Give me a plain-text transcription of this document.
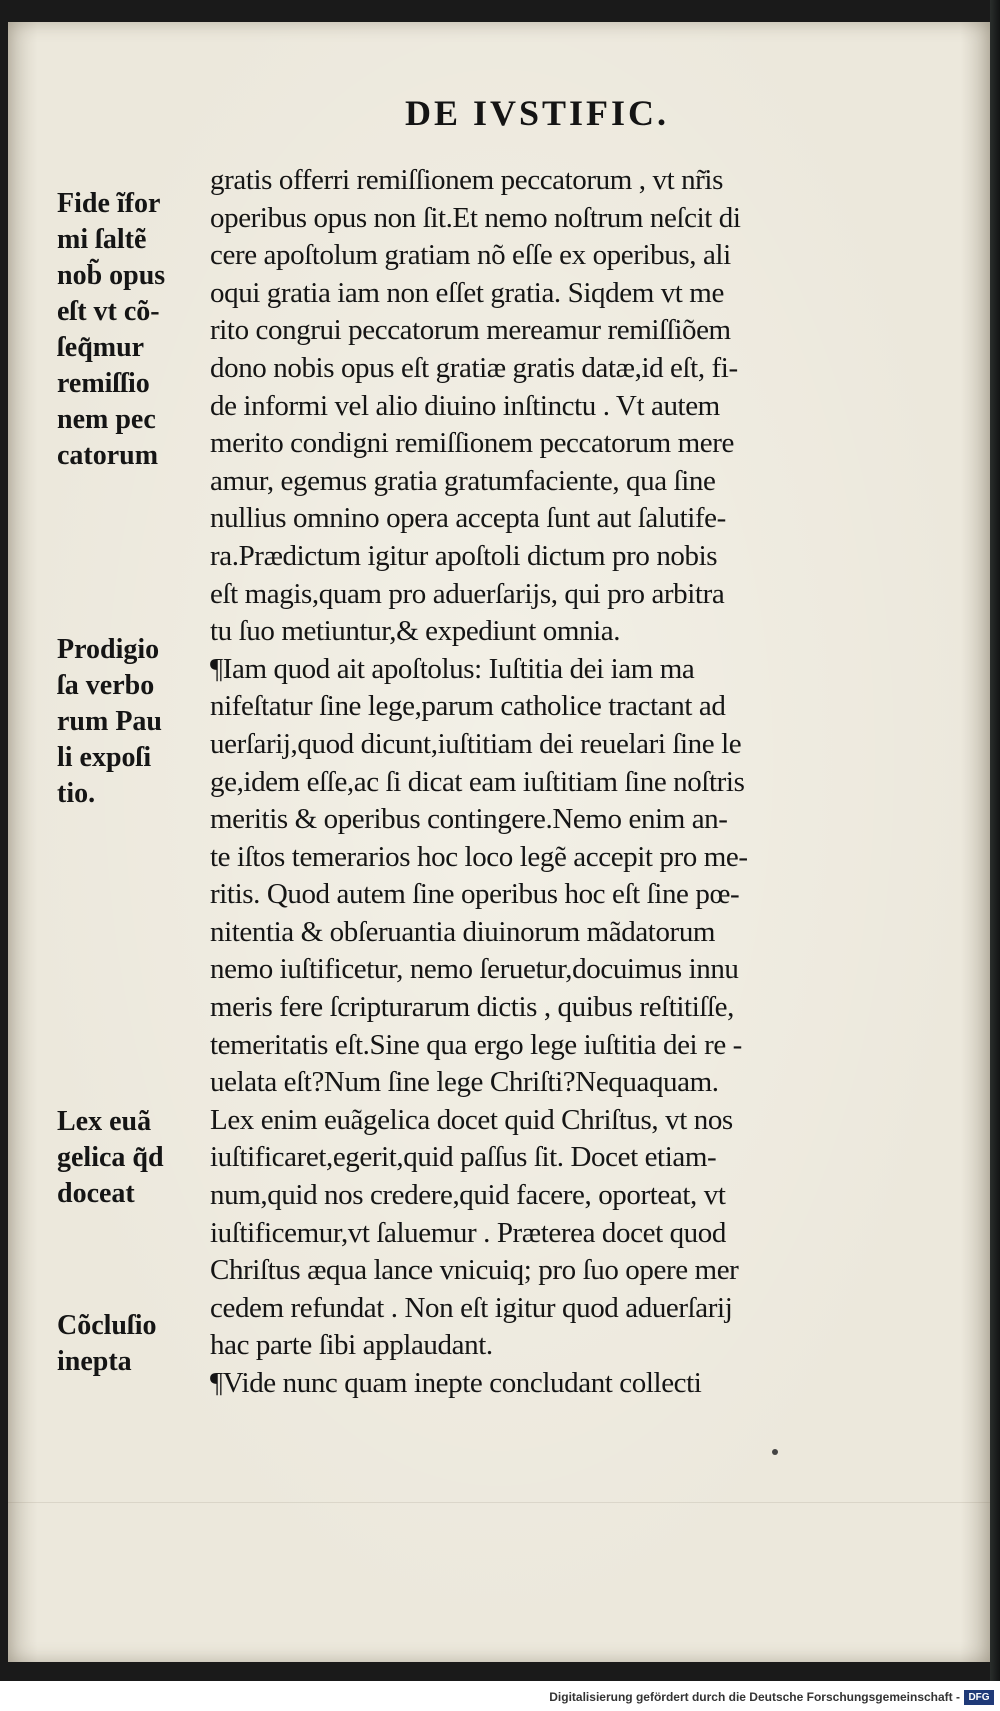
DE IVSTIFIC.
gratis offerri remiſſionem peccatorum , vt nr̃is
operibus opus non ſit.Et nemo noſtrum neſcit di
cere apoſtolum gratiam nõ eſſe ex operibus, ali
oqui gratia iam non eſſet gratia. Siqdem vt me
rito congrui peccatorum mereamur remiſſiõem
dono nobis opus eſt gratiæ gratis datæ,id eſt, fi-
de informi vel alio diuino inſtinctu . Vt autem
merito condigni remiſſionem peccatorum mere
amur, egemus gratia gratumfaciente, qua ſine
nullius omnino opera accepta ſunt aut ſalutife-
ra.Prædictum igitur apoſtoli dictum pro nobis
eſt magis,quam pro aduerſarijs, qui pro arbitra
tu ſuo metiuntur,& expediunt omnia.
¶Iam quod ait apoſtolus: Iuſtitia dei iam ma
nifeſtatur ſine lege,parum catholice tractant ad
uerſarij,quod dicunt,iuſtitiam dei reuelari ſine le
ge,idem eſſe,ac ſi dicat eam iuſtitiam ſine noſtris
meritis & operibus contingere.Nemo enim an-
te iſtos temerarios hoc loco legẽ accepit pro me-
ritis. Quod autem ſine operibus hoc eſt ſine pœ-
nitentia & obſeruantia diuinorum mãdatorum
nemo iuſtificetur, nemo ſeruetur,docuimus innu
meris fere ſcripturarum dictis , quibus reſtitiſſe,
temeritatis eſt.Sine qua ergo lege iuſtitia dei re -
uelata eſt?Num ſine lege Chriſti?Nequaquam.
Lex enim euãgelica docet quid Chriſtus, vt nos
iuſtificaret,egerit,quid paſſus ſit. Docet etiam-
num,quid nos credere,quid facere, oporteat, vt
iuſtificemur,vt ſaluemur . Præterea docet quod
Chriſtus æqua lance vnicuiq; pro ſuo opere mer
cedem refundat . Non eſt igitur quod aduerſarij
hac parte ſibi applaudant.
¶Vide nunc quam inepte concludant collecti
Fide ĩfor
mi ſaltẽ
nob̃ opus
eſt vt cõ-
ſeq̃mur
remiſſio
nem pec
catorum
Prodigio
ſa verbo
rum Pau
li expoſi
tio.
Lex euã
gelica q̃d
doceat
Cõcluſio
inepta
Digitalisierung gefördert durch die Deutsche Forschungsgemeinschaft - DFG
